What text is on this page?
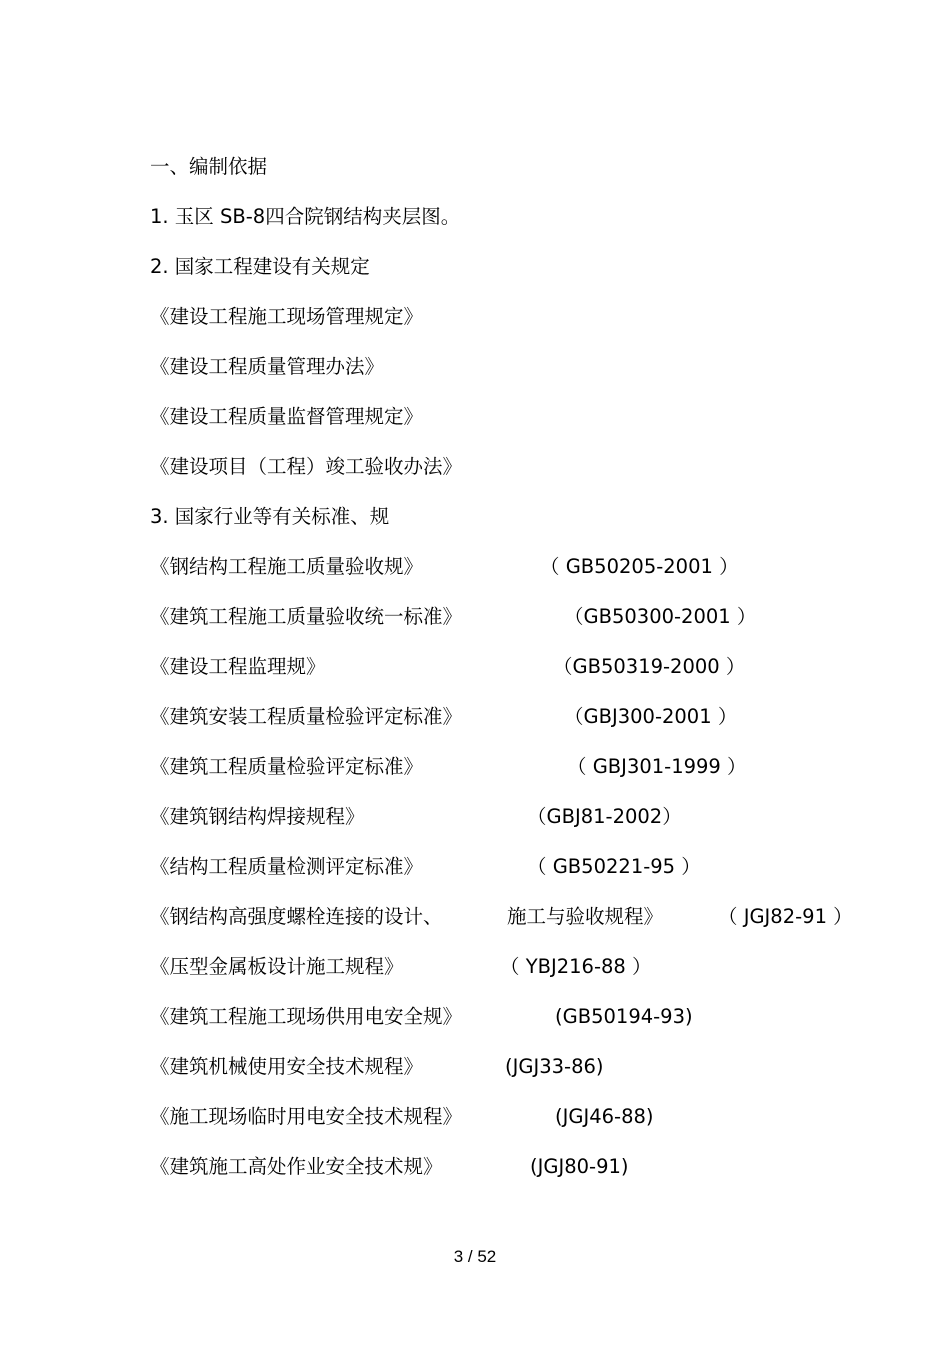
一、编制依据
1. 玉区 SB-8四合院钢结构夹层图。
2. 国家工程建设有关规定
《建设工程施工现场管理规定》
《建设工程质量管理办法》
《建设工程质量监督管理规定》
《建设项目（工程）竣工验收办法》
3. 国家行业等有关标准、规
《钢结构工程施工质量验收规》	（ GB50205-2001 ）
《建筑工程施工质量验收统一标准》	（GB50300-2001 ）
《建设工程监理规》	（GB50319-2000 ）
《建筑安装工程质量检验评定标准》	（GBJ300-2001 ）
《建筑工程质量检验评定标准》	（ GBJ301-1999 ）
《建筑钢结构焊接规程》	（GBJ81-2002）
《结构工程质量检测评定标准》	（ GB50221-95 ）
《钢结构高强度螺栓连接的设计、	施工与验收规程》	（ JGJ82-91 ）
《压型金属板设计施工规程》	（ YBJ216-88 ）
《建筑工程施工现场供用电安全规》	(GB50194-93)
《建筑机械使用安全技术规程》	(JGJ33-86)
《施工现场临时用电安全技术规程》	(JGJ46-88)
《建筑施工高处作业安全技术规》	(JGJ80-91)
3 / 52
